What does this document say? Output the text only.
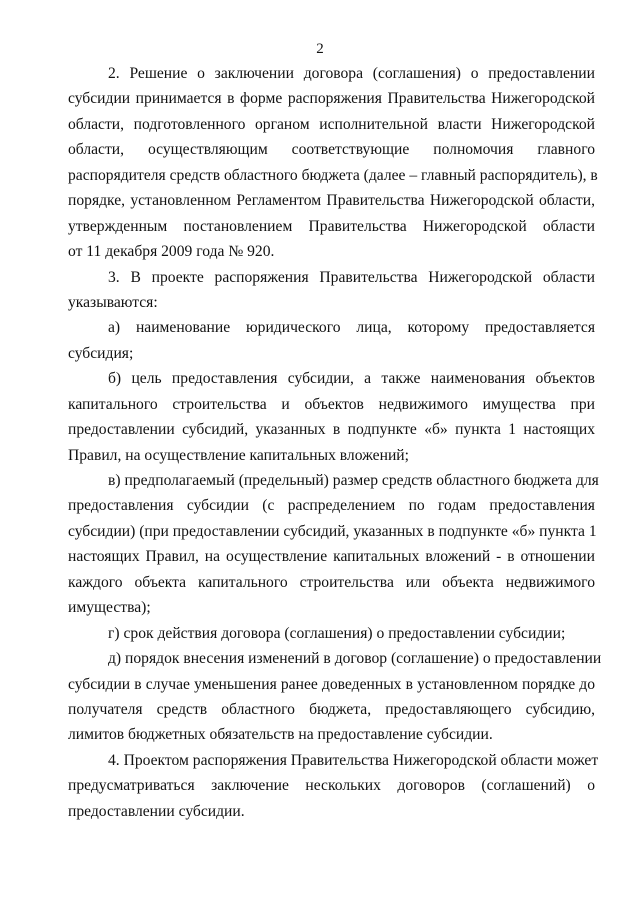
2
2. Решение о заключении договора (соглашения) о предоставлении
субсидии принимается в форме распоряжения Правительства Нижегородской
области, подготовленного органом исполнительной власти Нижегородской
области, осуществляющим соответствующие полномочия главного
распорядителя средств областного бюджета (далее – главный распорядитель), в
порядке, установленном Регламентом Правительства Нижегородской области,
утвержденным постановлением Правительства Нижегородской области
от 11 декабря 2009 года № 920.
3. В проекте распоряжения Правительства Нижегородской области
указываются:
а) наименование юридического лица, которому предоставляется
субсидия;
б) цель предоставления субсидии, а также наименования объектов
капитального строительства и объектов недвижимого имущества при
предоставлении субсидий, указанных в подпункте «б» пункта 1 настоящих
Правил, на осуществление капитальных вложений;
в) предполагаемый (предельный) размер средств областного бюджета для
предоставления субсидии (с распределением по годам предоставления
субсидии) (при предоставлении субсидий, указанных в подпункте «б» пункта 1
настоящих Правил, на осуществление капитальных вложений - в отношении
каждого объекта капитального строительства или объекта недвижимого
имущества);
г) срок действия договора (соглашения) о предоставлении субсидии;
д) порядок внесения изменений в договор (соглашение) о предоставлении
субсидии в случае уменьшения ранее доведенных в установленном порядке до
получателя средств областного бюджета, предоставляющего субсидию,
лимитов бюджетных обязательств на предоставление субсидии.
4. Проектом распоряжения Правительства Нижегородской области может
предусматриваться заключение нескольких договоров (соглашений) о
предоставлении субсидии.
